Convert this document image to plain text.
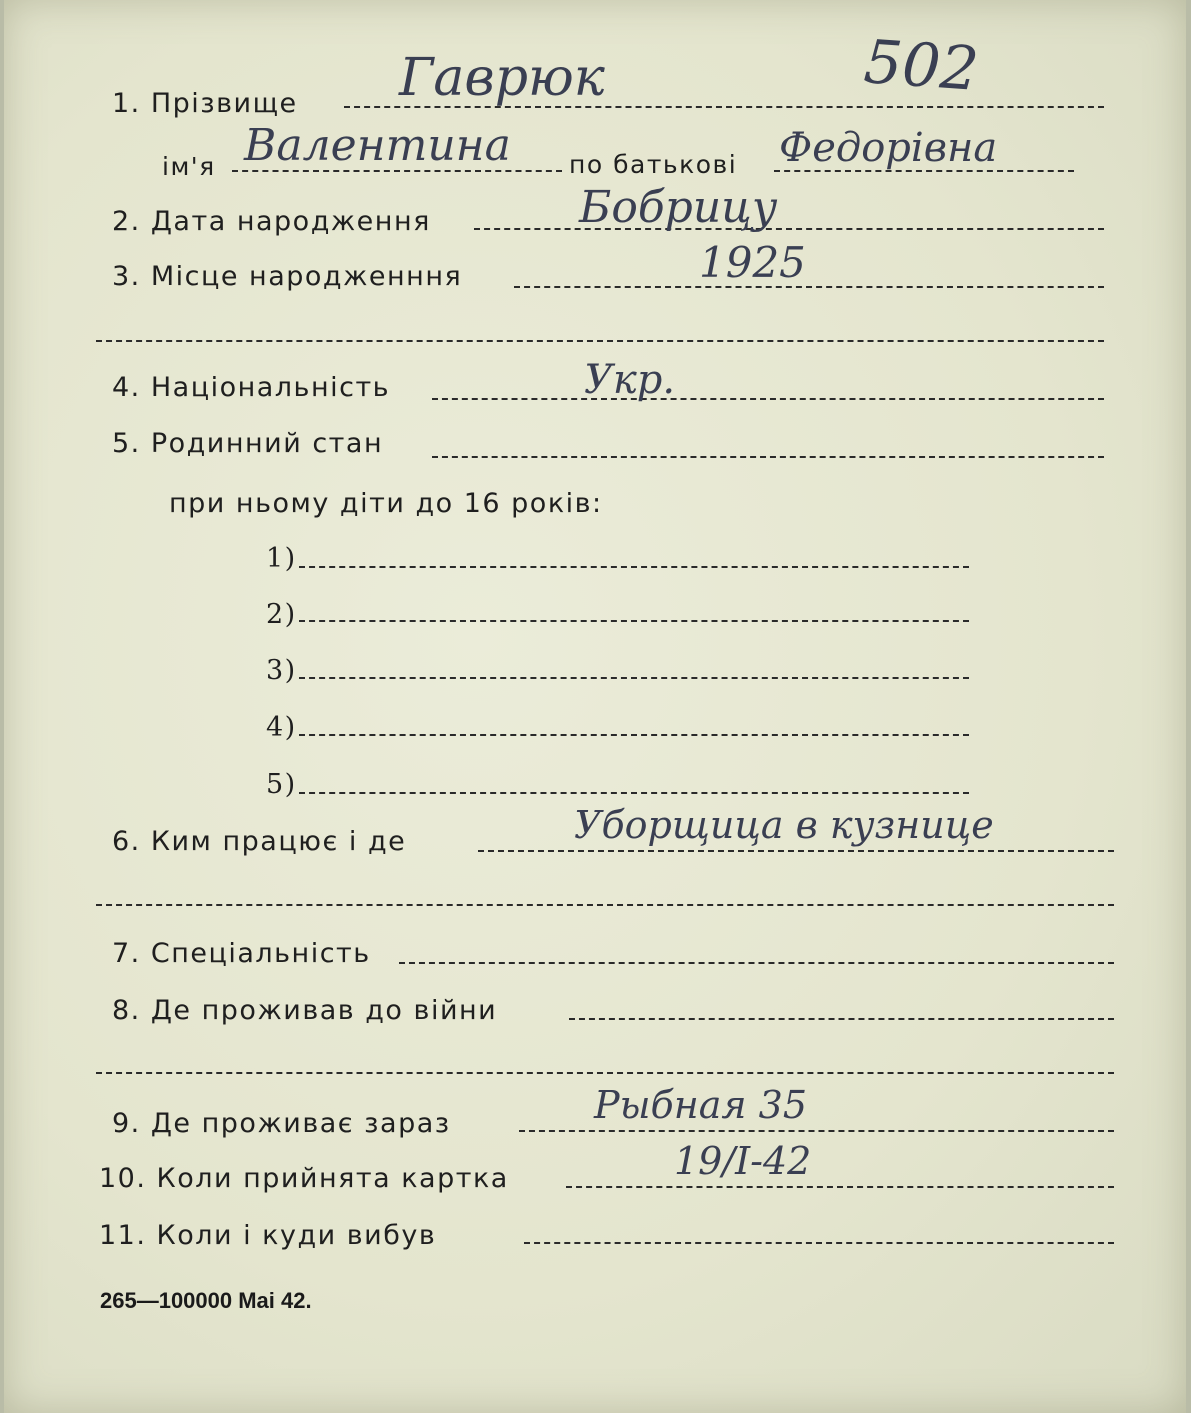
502
1. Прізвище Гаврюк
ім'я Валентина по батькові Федорівна
2. Дата народження	Бобрицу
3. Місце народженння	1925
4. Національність	Укр.
5. Родинний стан
при ньому діти до 16 років:
1)
2)
3)
4)
5)
6. Ким працює і де	Уборщица в кузнице
7. Спеціальність
8. Де проживав до війни
9. Де проживає зараз	Рыбная 35
10. Коли прийнята картка	19/I-42
11. Коли і куди вибув
265—100000 Mai 42.
